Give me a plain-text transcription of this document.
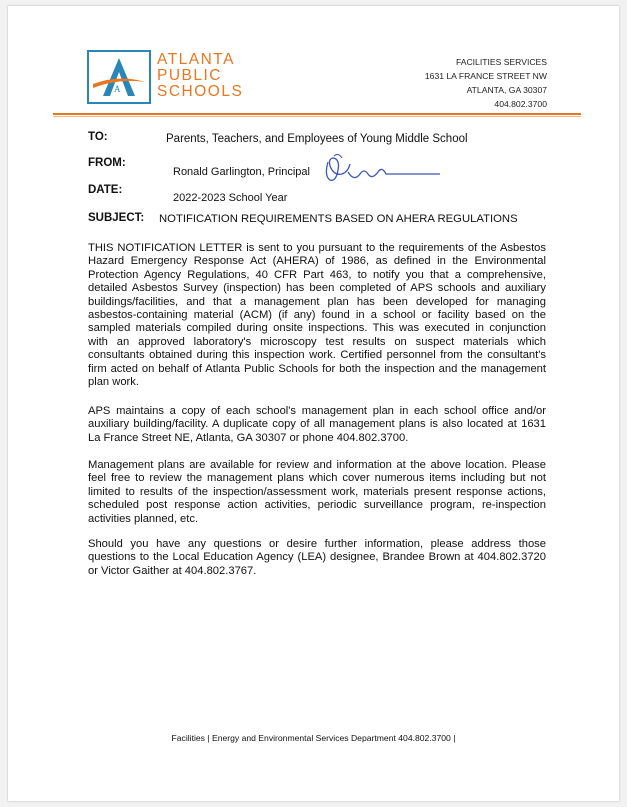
A
ATLANTA
PUBLIC
SCHOOLS
FACILITIES SERVICES
1631 LA FRANCE STREET NW
ATLANTA, GA 30307
404.802.3700
TO:	Parents, Teachers, and Employees of Young Middle School
FROM:
Ronald Garlington, Principal
DATE:
2022-2023 School Year
SUBJECT: NOTIFICATION REQUIREMENTS BASED ON AHERA REGULATIONS
THIS NOTIFICATION LETTER is sent to you pursuant to the requirements of the Asbestos Hazard Emergency Response Act (AHERA) of 1986, as defined in the Environmental Protection Agency Regulations, 40 CFR Part 463, to notify you that a comprehensive, detailed Asbestos Survey (inspection) has been completed of APS schools and auxiliary buildings/facilities, and that a management plan has been developed for managing asbestos-containing material (ACM) (if any) found in a school or facility based on the sampled materials compiled during onsite inspections. This was executed in conjunction with an approved laboratory's microscopy test results on suspect materials which consultants obtained during this inspection work. Certified personnel from the consultant's firm acted on behalf of Atlanta Public Schools for both the inspection and the management plan work.
APS maintains a copy of each school's management plan in each school office and/or auxiliary building/facility. A duplicate copy of all management plans is also located at 1631 La France Street NE, Atlanta, GA 30307 or phone 404.802.3700.
Management plans are available for review and information at the above location. Please feel free to review the management plans which cover numerous items including but not limited to results of the inspection/assessment work, materials present response actions, scheduled post response action activities, periodic surveillance program, re-inspection activities planned, etc.
Should you have any questions or desire further information, please address those questions to the Local Education Agency (LEA) designee, Brandee Brown at 404.802.3720 or Victor Gaither at 404.802.3767.
Facilities | Energy and Environmental Services Department 404.802.3700 |
